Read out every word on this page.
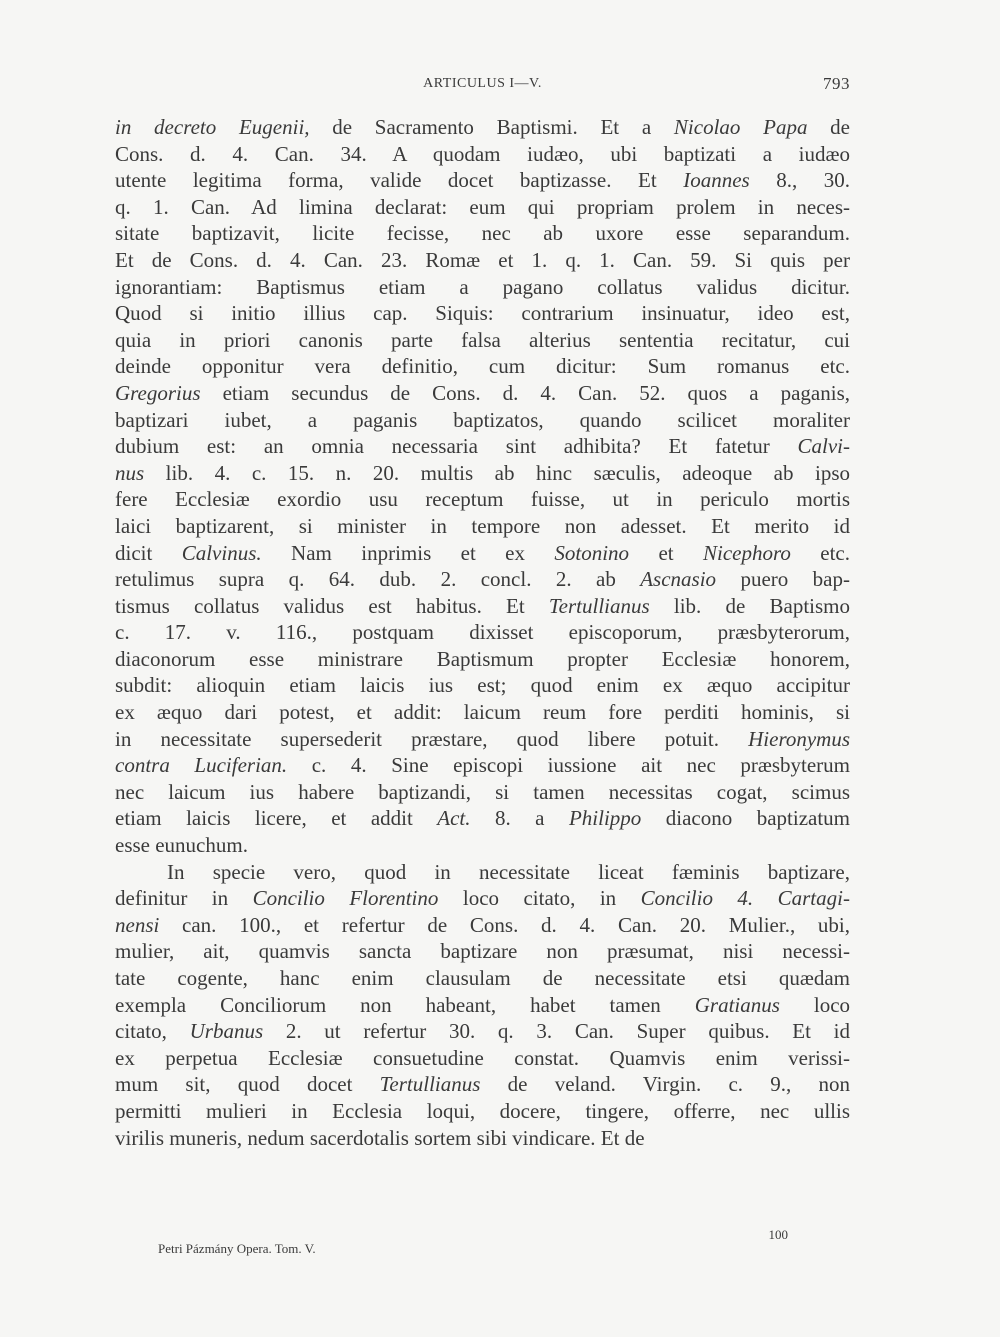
ARTICULUS I—V.	793
in decreto Eugenii, de Sacramento Baptismi. Et a Nicolao Papa de
Cons. d. 4. Can. 34. A quodam iudæo, ubi baptizati a iudæo
utente legitima forma, valide docet baptizasse. Et Ioannes 8., 30.
q. 1. Can. Ad limina declarat: eum qui propriam prolem in neces-
sitate baptizavit, licite fecisse, nec ab uxore esse separandum.
Et de Cons. d. 4. Can. 23. Romæ et 1. q. 1. Can. 59. Si quis per
ignorantiam: Baptismus etiam a pagano collatus validus dicitur.
Quod si initio illius cap. Siquis: contrarium insinuatur, ideo est,
quia in priori canonis parte falsa alterius sententia recitatur, cui
deinde opponitur vera definitio, cum dicitur: Sum romanus etc.
Gregorius etiam secundus de Cons. d. 4. Can. 52. quos a paganis,
baptizari iubet, a paganis baptizatos, quando scilicet moraliter
dubium est: an omnia necessaria sint adhibita? Et fatetur Calvi-
nus lib. 4. c. 15. n. 20. multis ab hinc sæculis, adeoque ab ipso
fere Ecclesiæ exordio usu receptum fuisse, ut in periculo mortis
laici baptizarent, si minister in tempore non adesset. Et merito id
dicit Calvinus. Nam inprimis et ex Sotonino et Nicephoro etc.
retulimus supra q. 64. dub. 2. concl. 2. ab Ascnasio puero bap-
tismus collatus validus est habitus. Et Tertullianus lib. de Baptismo
c. 17. v. 116., postquam dixisset episcoporum, præsbyterorum,
diaconorum esse ministrare Baptismum propter Ecclesiæ honorem,
subdit: alioquin etiam laicis ius est; quod enim ex æquo accipitur
ex æquo dari potest, et addit: laicum reum fore perditi hominis, si
in necessitate supersederit præstare, quod libere potuit. Hieronymus
contra Luciferian. c. 4. Sine episcopi iussione ait nec præsbyterum
nec laicum ius habere baptizandi, si tamen necessitas cogat, scimus
etiam laicis licere, et addit Act. 8. a Philippo diacono baptizatum
esse eunuchum.
In specie vero, quod in necessitate liceat fæminis baptizare,
definitur in Concilio Florentino loco citato, in Concilio 4. Cartagi-
nensi can. 100., et refertur de Cons. d. 4. Can. 20. Mulier., ubi,
mulier, ait, quamvis sancta baptizare non præsumat, nisi necessi-
tate cogente, hanc enim clausulam de necessitate etsi quædam
exempla Conciliorum non habeant, habet tamen Gratianus loco
citato, Urbanus 2. ut refertur 30. q. 3. Can. Super quibus. Et id
ex perpetua Ecclesiæ consuetudine constat. Quamvis enim verissi-
mum sit, quod docet Tertullianus de veland. Virgin. c. 9., non
permitti mulieri in Ecclesia loqui, docere, tingere, offerre, nec ullis
virilis muneris, nedum sacerdotalis sortem sibi vindicare. Et de
Petri Pázmány Opera. Tom. V.
100
